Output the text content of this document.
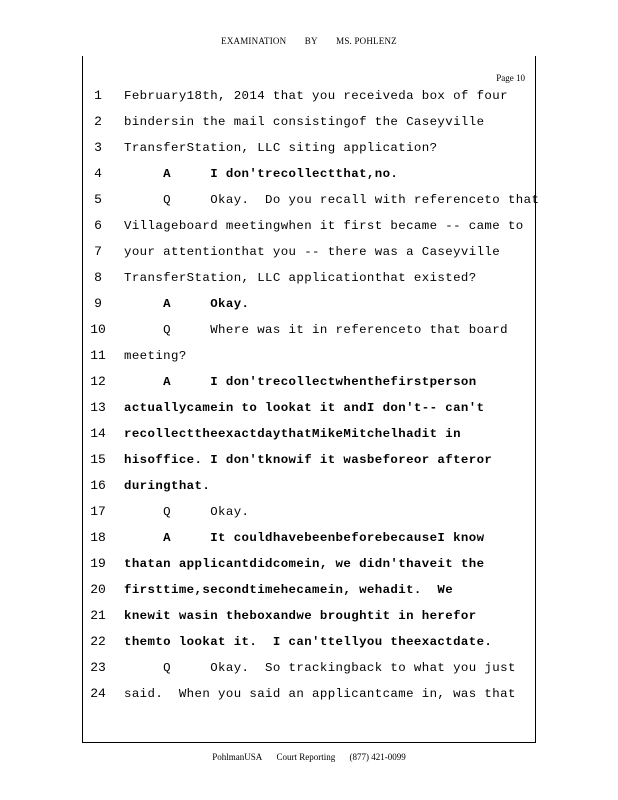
EXAMINATION BY MS. POHLENZ
Page 10
1	February18th, 2014 that you receiveda box of four
2	bindersin the mail consistingof the Caseyville
3	TransferStation, LLC siting application?
4	A     I don'trecollectthat,no.
5	Q     Okay.  Do you recall with referenceto that
6	Villageboard meetingwhen it first became -- came to
7	your attentionthat you -- there was a Caseyville
8	TransferStation, LLC applicationthat existed?
9	A     Okay.
10 Q     Where was it in referenceto that board
11 meeting?
12 A     I don'trecollectwhenthefirstperson
13 actuallycamein to lookat it andI don't-- can't
14 recollecttheexactdaythatMikeMitchelhadit in
15 hisoffice. I don'tknowif it wasbeforeor afteror
16 duringthat.
17 Q     Okay.
18 A     It couldhavebeenbeforebecauseI know
19 thatan applicantdidcomein, we didn'thaveit the
20 firsttime,secondtimehecamein, wehadit.  We
21 knewit wasin theboxandwe broughtit in herefor
22 themto lookat it.  I can'ttellyou theexactdate.
23 Q     Okay.  So trackingback to what you just
24 said.  When you said an applicantcame in, was that
PohlmanUSA Court Reporting (877) 421-0099
